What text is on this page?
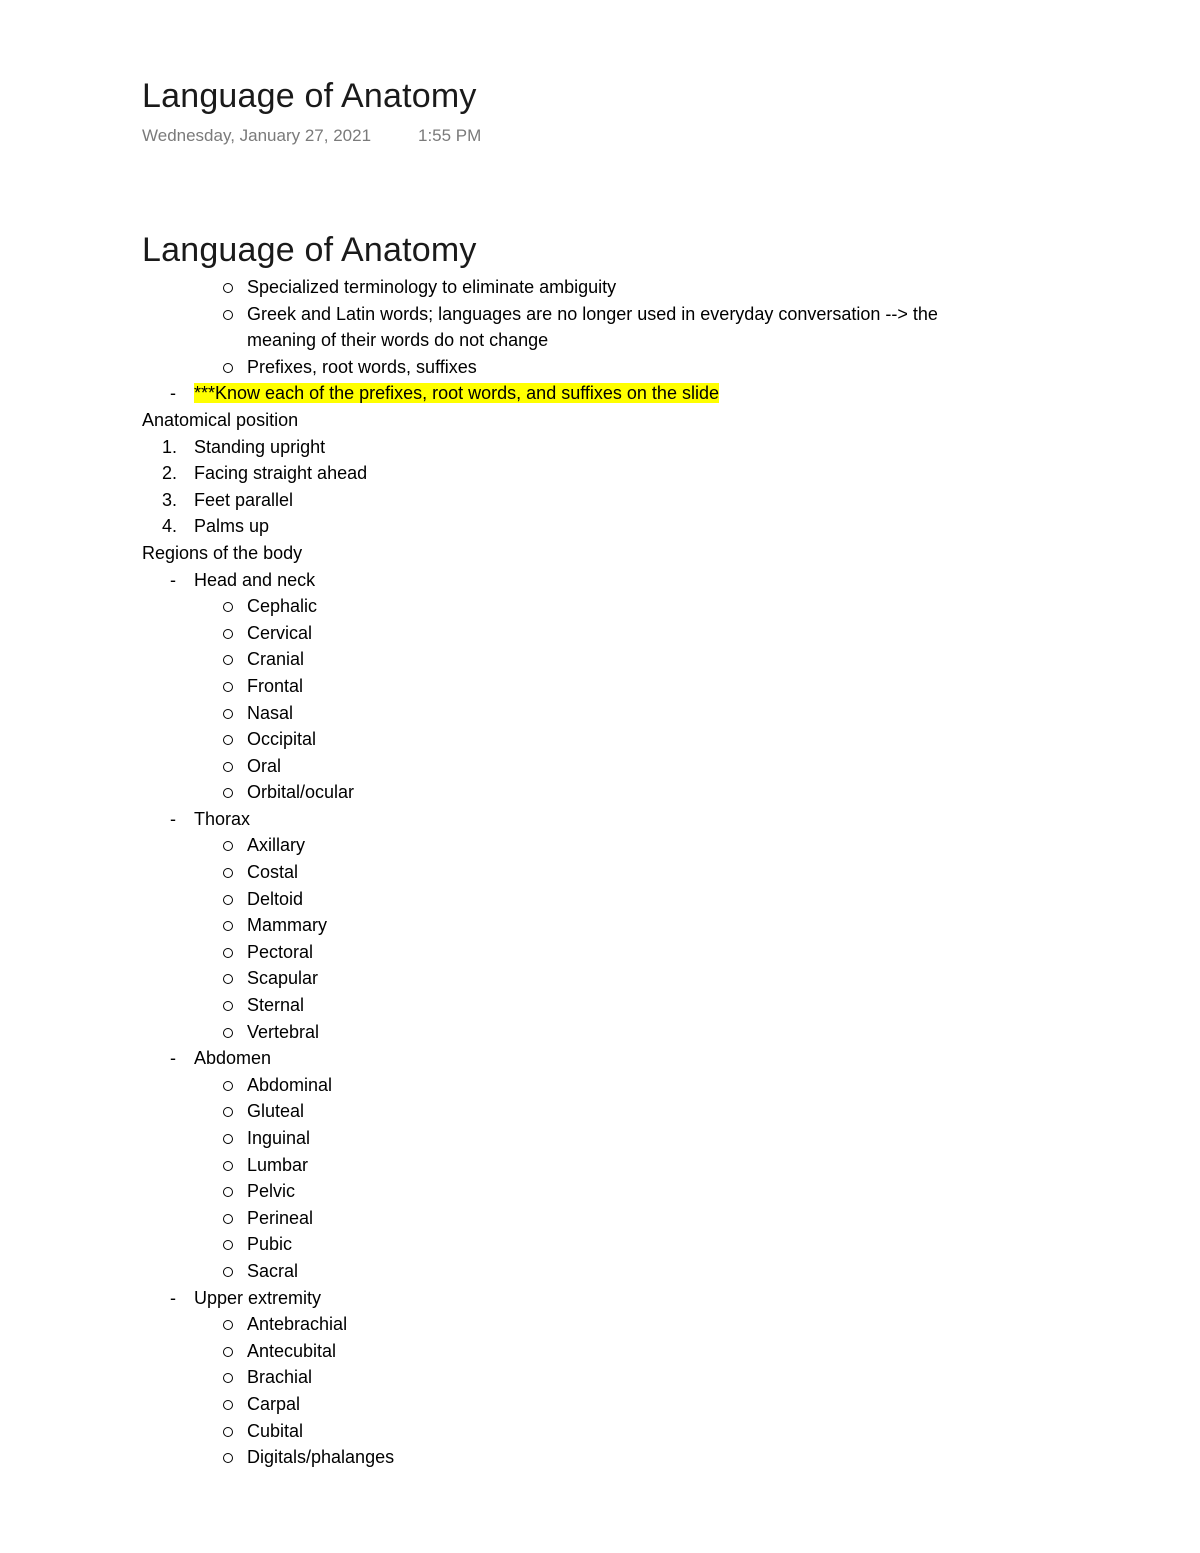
Language of Anatomy
Wednesday, January 27, 2021	1:55 PM
Language of Anatomy
Specialized terminology to eliminate ambiguity
Greek and Latin words; languages are no longer used in everyday conversation --> the
meaning of their words do not change
Prefixes, root words, suffixes
- ***Know each of the prefixes, root words, and suffixes on the slide
Anatomical position
1. Standing upright
2. Facing straight ahead
3. Feet parallel
4. Palms up
Regions of the body
- Head and neck
Cephalic
Cervical
Cranial
Frontal
Nasal
Occipital
Oral
Orbital/ocular
- Thorax
Axillary
Costal
Deltoid
Mammary
Pectoral
Scapular
Sternal
Vertebral
- Abdomen
Abdominal
Gluteal
Inguinal
Lumbar
Pelvic
Perineal
Pubic
Sacral
- Upper extremity
Antebrachial
Antecubital
Brachial
Carpal
Cubital
Digitals/phalanges
